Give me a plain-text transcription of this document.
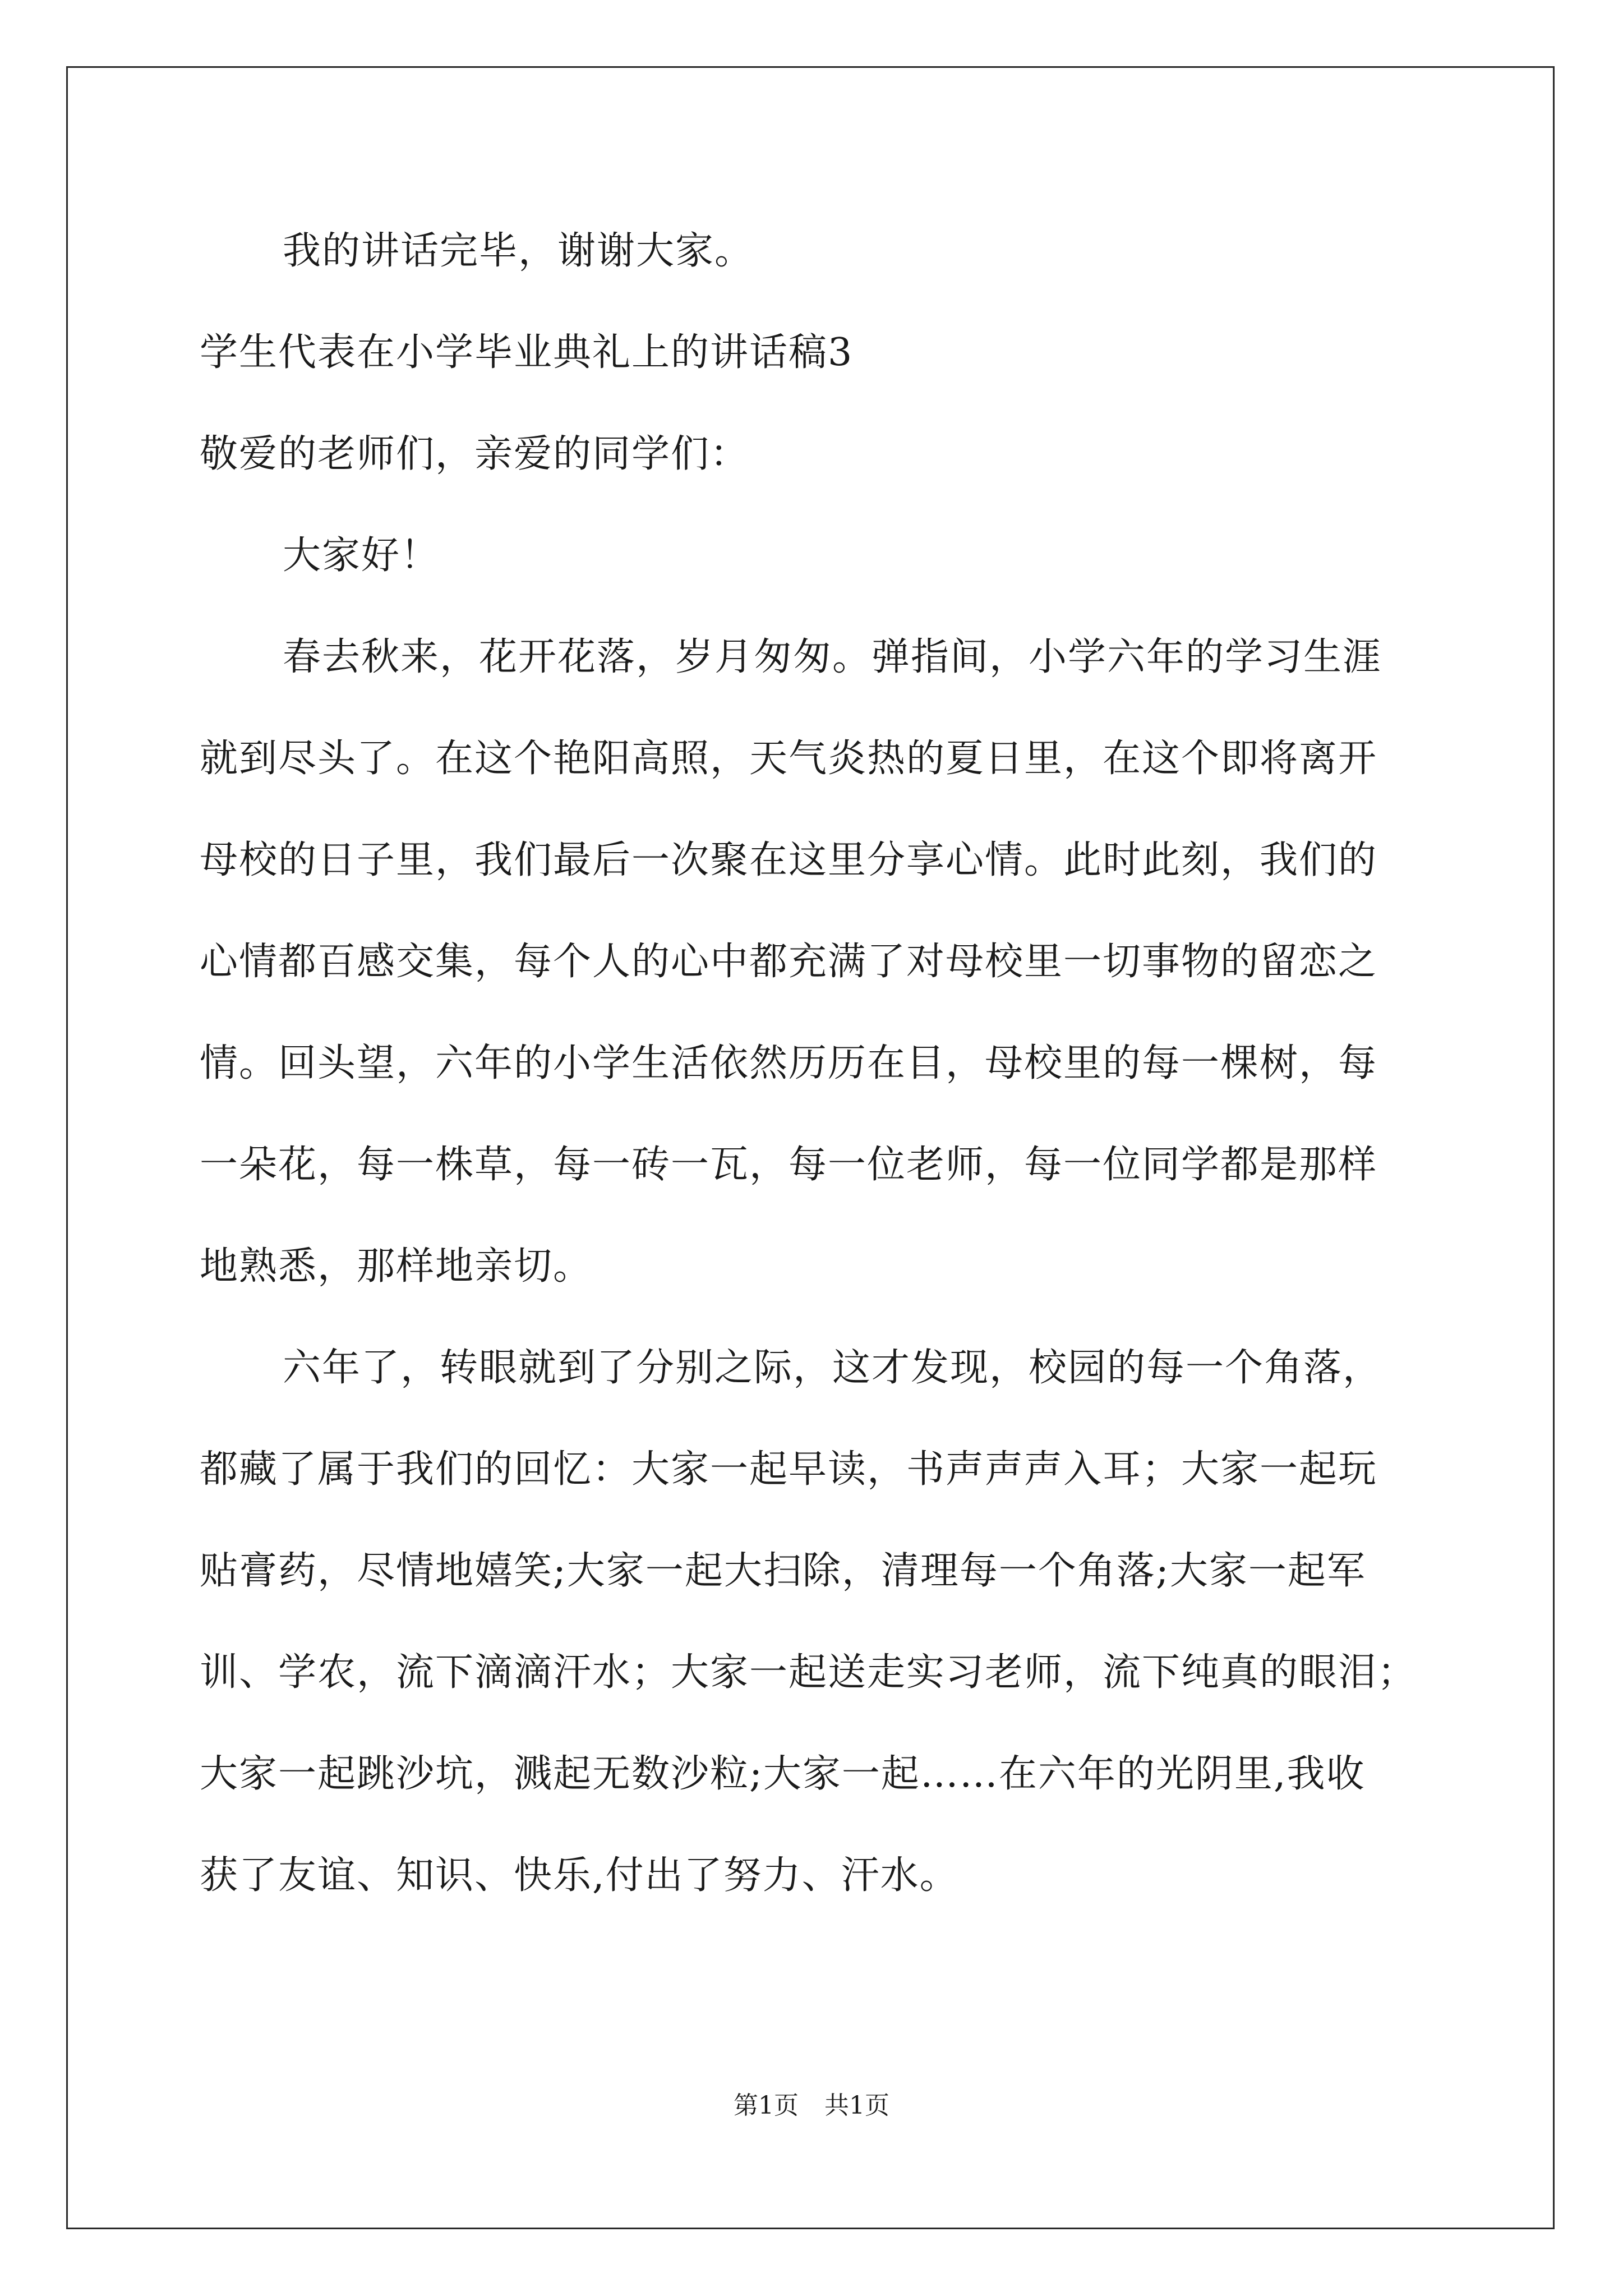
我的讲话完毕，谢谢大家。
学生代表在小学毕业典礼上的讲话稿3
敬爱的老师们，亲爱的同学们：
大家好！
春去秋来，花开花落，岁月匆匆。弹指间，小学六年的学习生涯
就到尽头了。在这个艳阳高照，天气炎热的夏日里，在这个即将离开
母校的日子里，我们最后一次聚在这里分享心情。此时此刻，我们的
心情都百感交集，每个人的心中都充满了对母校里一切事物的留恋之
情。回头望，六年的小学生活依然历历在目，母校里的每一棵树，每
一朵花，每一株草，每一砖一瓦，每一位老师，每一位同学都是那样
地熟悉，那样地亲切。
六年了，转眼就到了分别之际，这才发现，校园的每一个角落，
都藏了属于我们的回忆：大家一起早读，书声声声入耳；大家一起玩
贴膏药，尽情地嬉笑;大家一起大扫除，清理每一个角落;大家一起军
训、学农，流下滴滴汗水；大家一起送走实习老师，流下纯真的眼泪；
大家一起跳沙坑，溅起无数沙粒;大家一起……在六年的光阴里,我收
获了友谊、知识、快乐,付出了努力、汗水。
第1页 共1页
